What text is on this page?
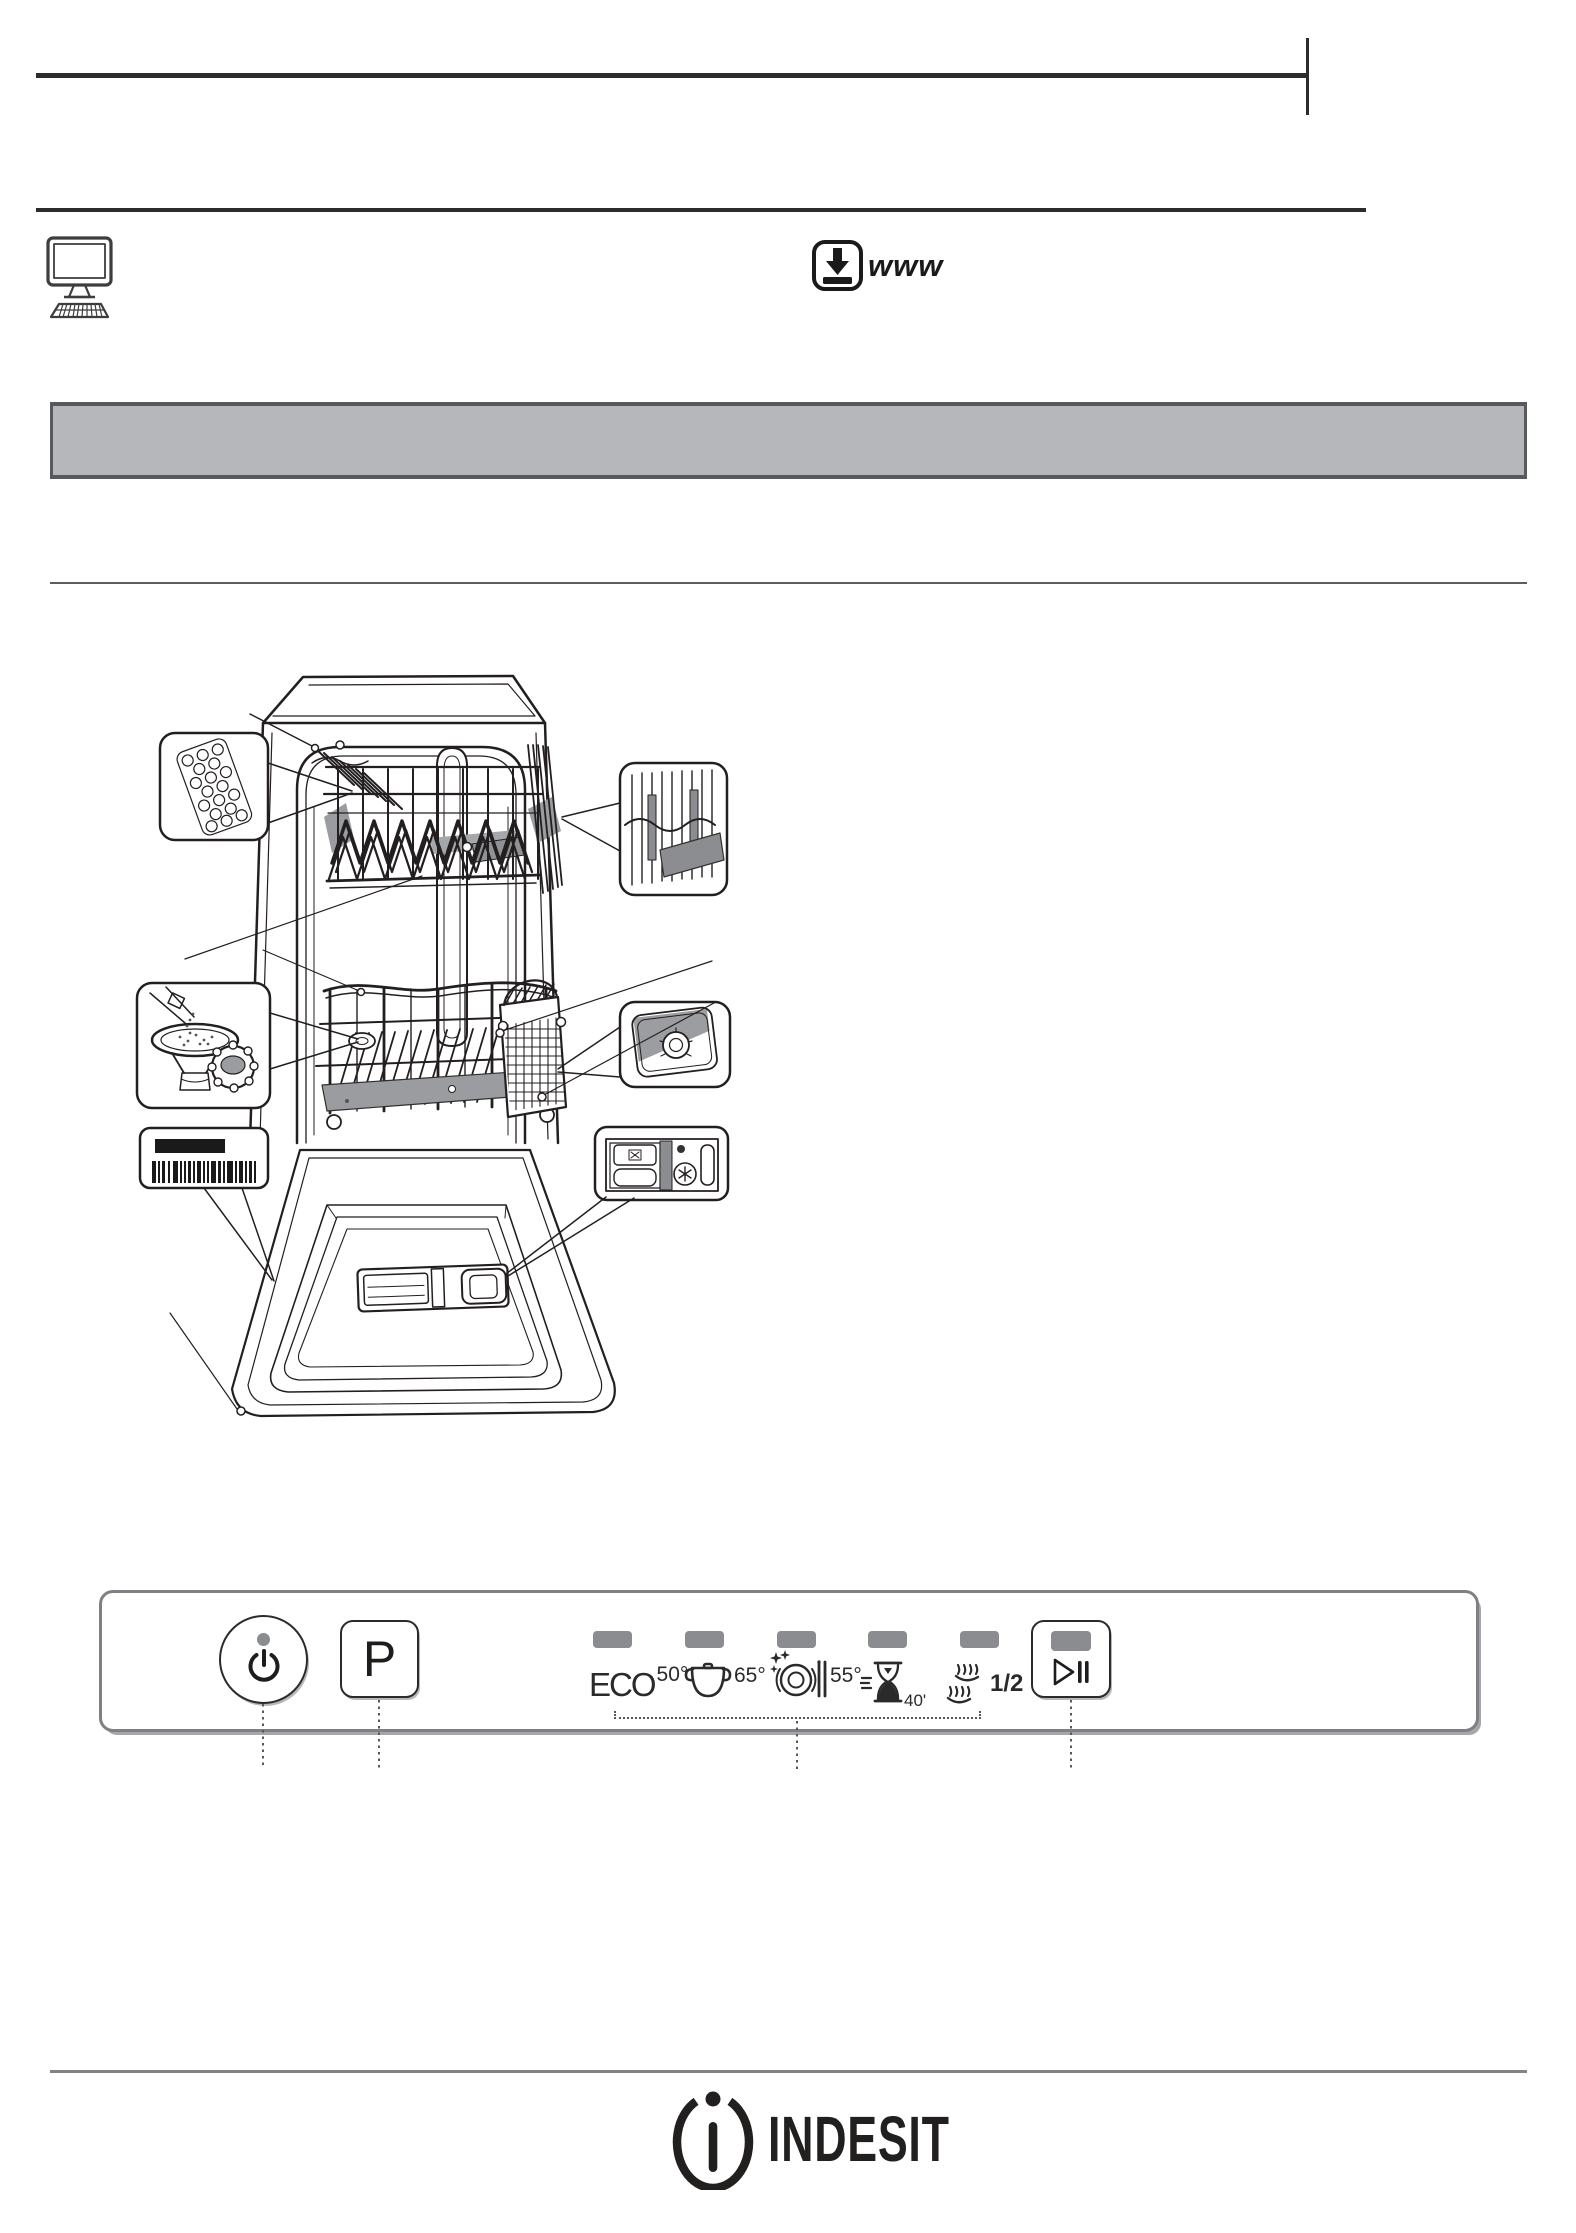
www
P	ECO 50° 65°	55°
40'
1/2
INDESIT
